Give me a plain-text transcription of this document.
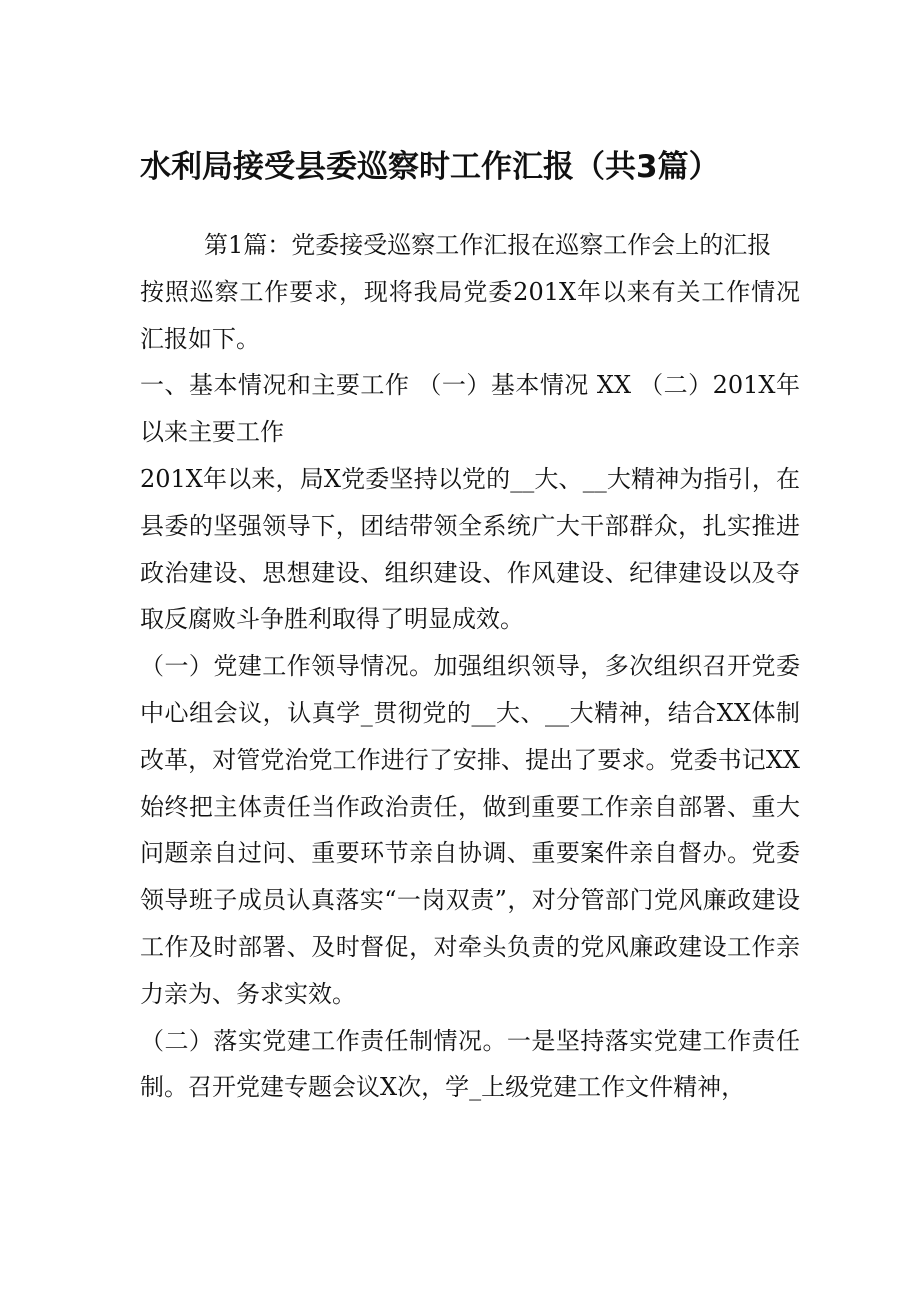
水利局接受县委巡察时工作汇报（共3篇）

第1篇：党委接受巡察工作汇报在巡察工作会上的汇报

按照巡察工作要求，现将我局党委201X年以来有关工作情况汇报如下。

一、基本情况和主要工作 （一）基本情况 XX （二）201X年以来主要工作

201X年以来，局X党委坚持以党的__大、__大精神为指引，在县委的坚强领导下，团结带领全系统广大干部群众，扎实推进政治建设、思想建设、组织建设、作风建设、纪律建设以及夺取反腐败斗争胜利取得了明显成效。

（一）党建工作领导情况。加强组织领导，多次组织召开党委中心组会议，认真学_贯彻党的__大、__大精神，结合XX体制改革，对管党治党工作进行了安排、提出了要求。党委书记XX始终把主体责任当作政治责任，做到重要工作亲自部署、重大问题亲自过问、重要环节亲自协调、重要案件亲自督办。党委领导班子成员认真落实“一岗双责”，对分管部门党风廉政建设工作及时部署、及时督促，对牵头负责的党风廉政建设工作亲力亲为、务求实效。

（二）落实党建工作责任制情况。一是坚持落实党建工作责任制。召开党建专题会议X次，学_上级党建工作文件精神，
